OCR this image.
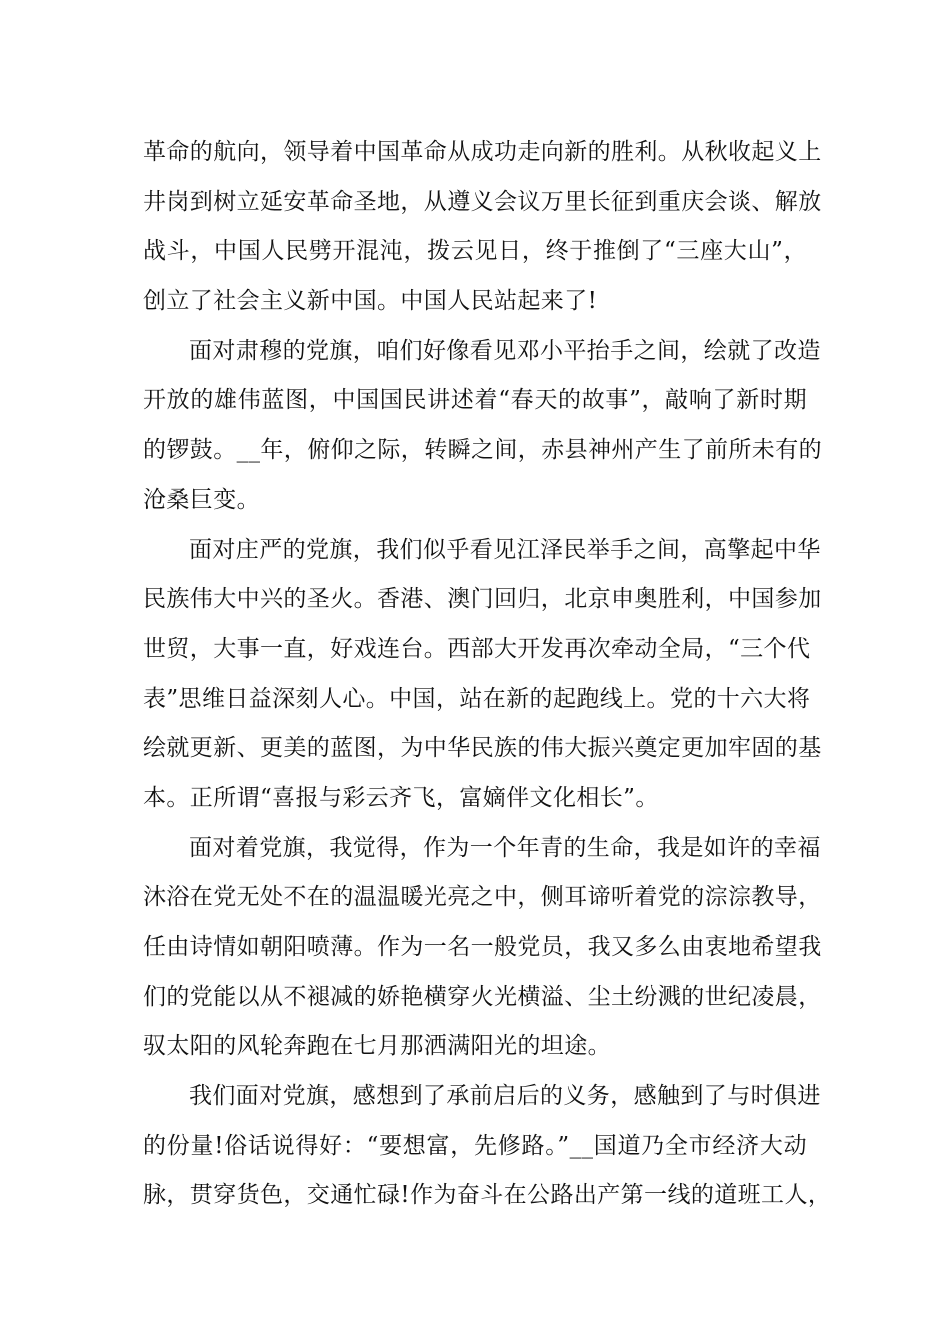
革命的航向，领导着中国革命从成功走向新的胜利。从秋收起义上
井岗到树立延安革命圣地，从遵义会议万里长征到重庆会谈、解放
战斗，中国人民劈开混沌，拨云见日，终于推倒了“三座大山”，
创立了社会主义新中国。中国人民站起来了!
面对肃穆的党旗，咱们好像看见邓小平抬手之间，绘就了改造
开放的雄伟蓝图，中国国民讲述着“春天的故事”，敲响了新时期
的锣鼓。__年，俯仰之际，转瞬之间，赤县神州产生了前所未有的
沧桑巨变。
面对庄严的党旗，我们似乎看见江泽民举手之间，高擎起中华
民族伟大中兴的圣火。香港、澳门回归，北京申奥胜利，中国参加
世贸，大事一直，好戏连台。西部大开发再次牵动全局，“三个代
表”思维日益深刻人心。中国，站在新的起跑线上。党的十六大将
绘就更新、更美的蓝图，为中华民族的伟大振兴奠定更加牢固的基
本。正所谓“喜报与彩云齐飞，富嫡伴文化相长”。
面对着党旗，我觉得，作为一个年青的生命，我是如许的幸福
沐浴在党无处不在的温温暖光亮之中，侧耳谛听着党的淙淙教导，
任由诗情如朝阳喷薄。作为一名一般党员，我又多么由衷地希望我
们的党能以从不褪减的娇艳横穿火光横溢、尘土纷溅的世纪凌晨，
驭太阳的风轮奔跑在七月那洒满阳光的坦途。
我们面对党旗，感想到了承前启后的义务，感触到了与时俱进
的份量!俗话说得好：“要想富，先修路。”__国道乃全市经济大动
脉，贯穿货色，交通忙碌!作为奋斗在公路出产第一线的道班工人，
